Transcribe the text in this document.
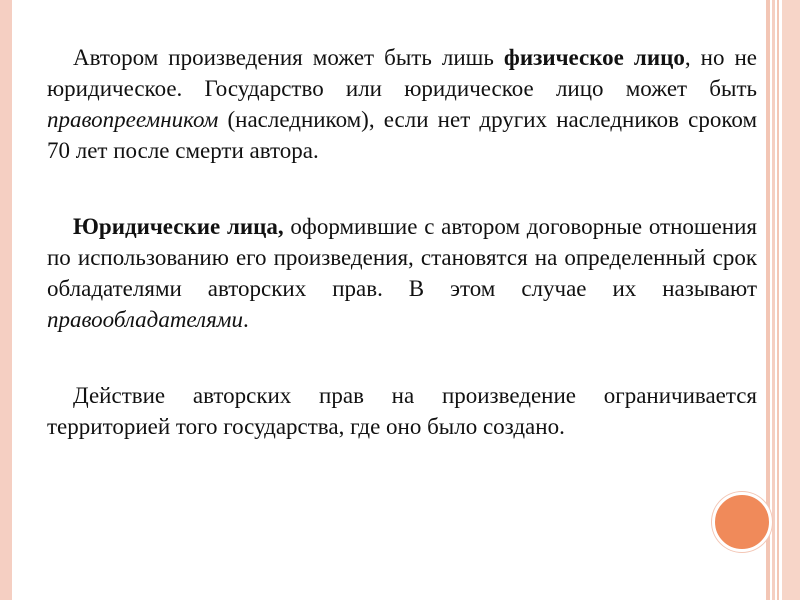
Автором произведения может быть лишь физическое лицо, но не юридическое. Государство или юридическое лицо может быть правопреемником (наследником), если нет других наследников сроком 70 лет после смерти автора.

Юридические лица, оформившие с автором договорные отношения по использованию его произведения, становятся на определенный срок обладателями авторских прав. В этом случае их называют правообладателями.

Действие авторских прав на произведение ограничивается территорией того государства, где оно было создано.
